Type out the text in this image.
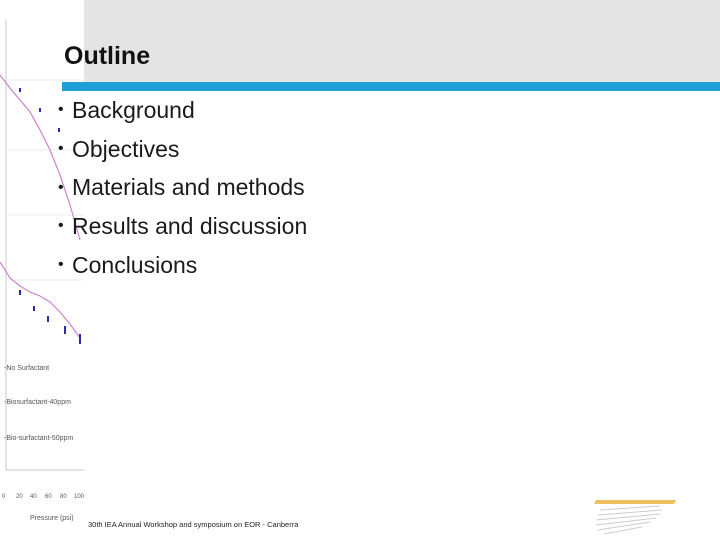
-No Surfactant
-Biosurfactant-40ppm
-Bio-surfactant-50ppm
0 20 40 60 80 100
Pressure (psi)
Outline
• Background
• Objectives
• Materials and methods
• Results and discussion
• Conclusions
30th IEA Annual Workshop and symposium on EOR - Canberra
